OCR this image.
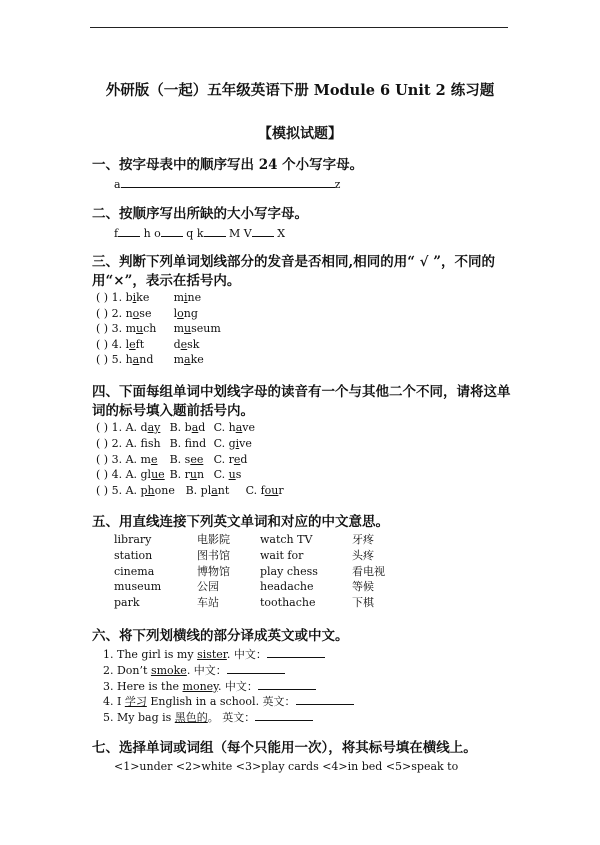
外研版（一起）五年级英语下册 Module 6 Unit 2 练习题
【模拟试题】
一、按字母表中的顺序写出 24 个小写字母。
a	z
二、按顺序写出所缺的大小写字母。
f h o q k M V X
三、判断下列单词划线部分的发音是否相同,相同的用“ √ ”，不同的用“×”，表示在括号内。
( ) 1. bike mine
( ) 2. nose long
( ) 3. much museum
( ) 4. left	desk
( ) 5. hand make
四、下面每组单词中划线字母的读音有一个与其他二个不同，请将这单词的标号填入题前括号内。
( ) 1. A. day B. bad C. have
( ) 2. A. fsh B. fnd C. give
( ) 3. A. me B. see C. red
( ) 4. A. glue B. run C. us
( ) 5. A. phone B. plant C. four
五、用直线连接下列英文单词和对应的中文意思。
library	电影院	watch TV	牙疼
station	图书馆	wait for	头疼
cinema	博物馆	play chess	看电视
museum	公园	headache	等候
park	车站	toothache	下棋
六、将下列划横线的部分译成英文或中文。
1. The girl is my sister. 中文：
2. Don’t smoke. 中文：
3. Here is the money. 中文：
4. I 学习 English in a school. 英文：
5. My bag is 黑色的。 英文：
七、选择单词或词组（每个只能用一次），将其标号填在横线上。
<1>under <2>white <3>play cards <4>in bed <5>speak to
